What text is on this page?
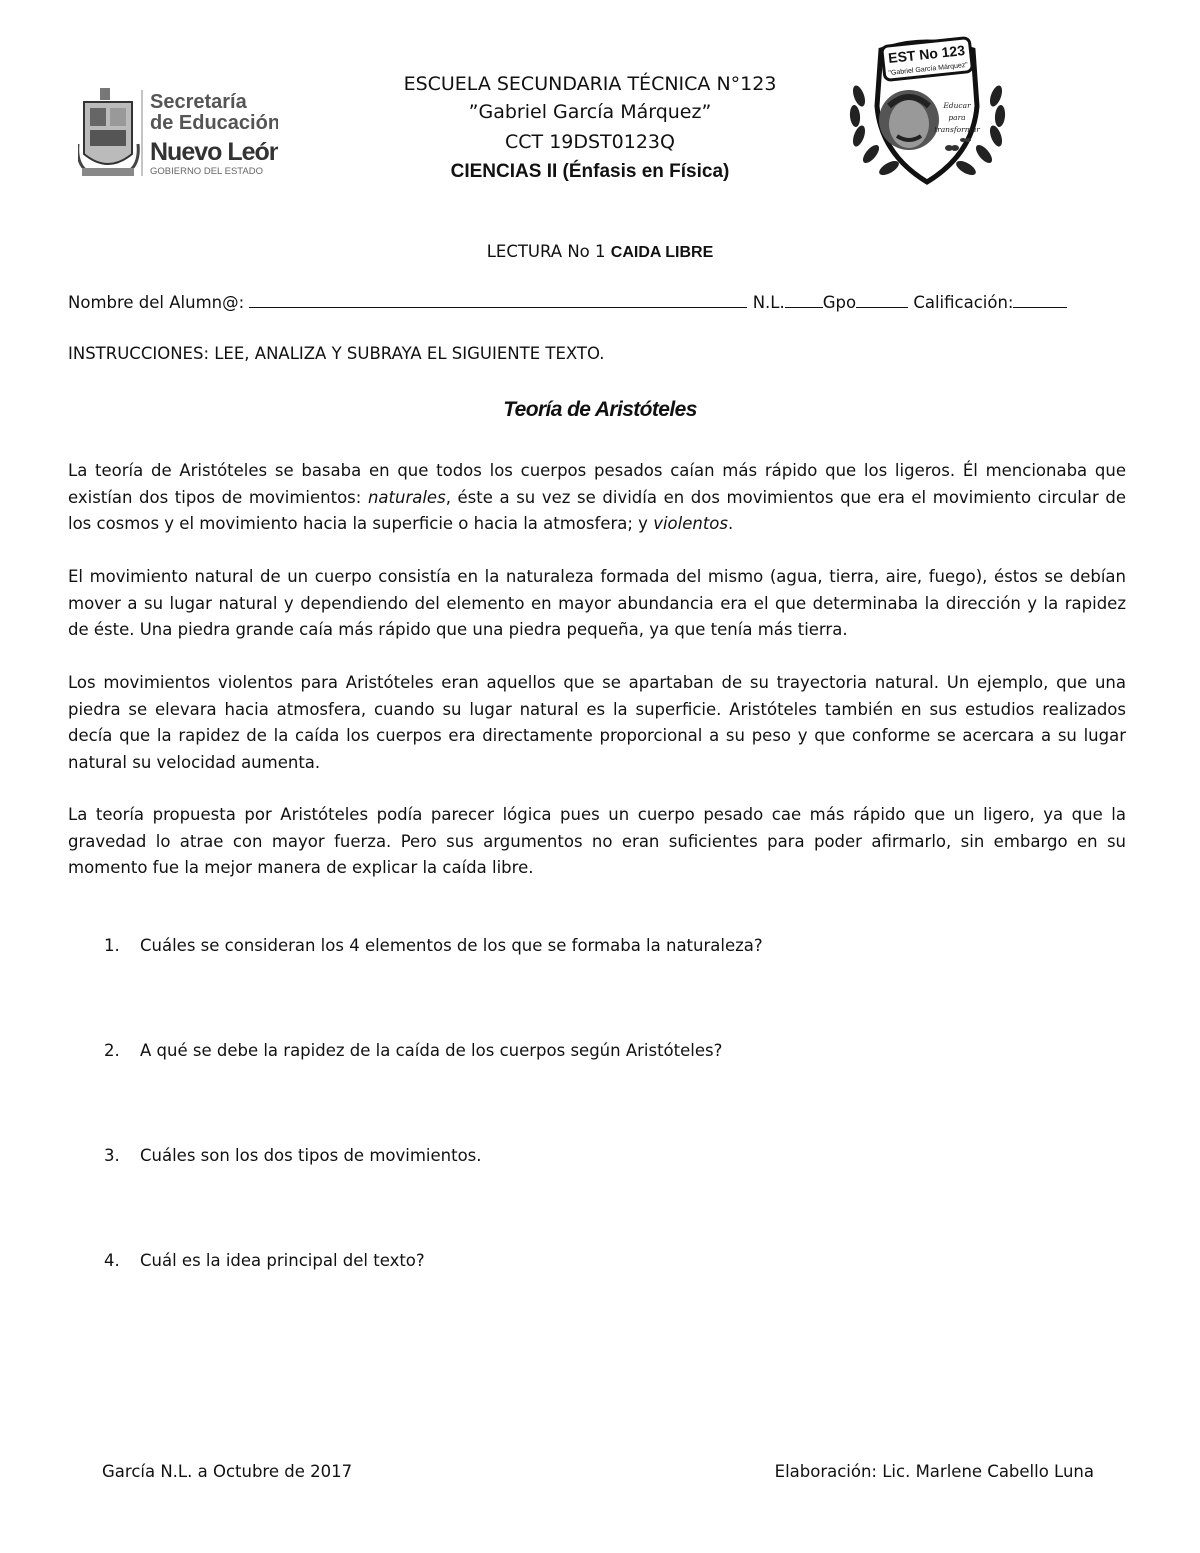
Secretaría
de Educación
Nuevo León
GOBIERNO DEL ESTADO
ESCUELA SECUNDARIA TÉCNICA N°123
”Gabriel García Márquez”
CCT 19DST0123Q
CIENCIAS II (Énfasis en Física)
EST No 123
"Gabriel García Márquez"
Educar
para
transformar
LECTURA No 1 CAIDA LIBRE
Nombre del Alumn@:	N.L. Gpo	Calificación:
INSTRUCCIONES: LEE, ANALIZA Y SUBRAYA EL SIGUIENTE TEXTO.
Teoría de Aristóteles
La teoría de Aristóteles se basaba en que todos los cuerpos pesados caían más rápido que los ligeros. Él mencionaba que existían dos tipos de movimientos: naturales, éste a su vez se dividía en dos movimientos que era el movimiento circular de los cosmos y el movimiento hacia la superficie o hacia la atmosfera; y violentos.
El movimiento natural de un cuerpo consistía en la naturaleza formada del mismo (agua, tierra, aire, fuego), éstos se debían mover a su lugar natural y dependiendo del elemento en mayor abundancia era el que determinaba la dirección y la rapidez de éste. Una piedra grande caía más rápido que una piedra pequeña, ya que tenía más tierra.
Los movimientos violentos para Aristóteles eran aquellos que se apartaban de su trayectoria natural. Un ejemplo, que una piedra se elevara hacia atmosfera, cuando su lugar natural es la superficie. Aristóteles también en sus estudios realizados decía que la rapidez de la caída los cuerpos era directamente proporcional a su peso y que conforme se acercara a su lugar natural su velocidad aumenta.
La teoría propuesta por Aristóteles podía parecer lógica pues un cuerpo pesado cae más rápido que un ligero, ya que la gravedad lo atrae con mayor fuerza. Pero sus argumentos no eran suficientes para poder afirmarlo, sin embargo en su momento fue la mejor manera de explicar la caída libre.
1. Cuáles se consideran los 4 elementos de los que se formaba la naturaleza?
2. A qué se debe la rapidez de la caída de los cuerpos según Aristóteles?
3. Cuáles son los dos tipos de movimientos.
4. Cuál es la idea principal del texto?
García N.L. a Octubre de 2017	Elaboración: Lic. Marlene Cabello Luna
